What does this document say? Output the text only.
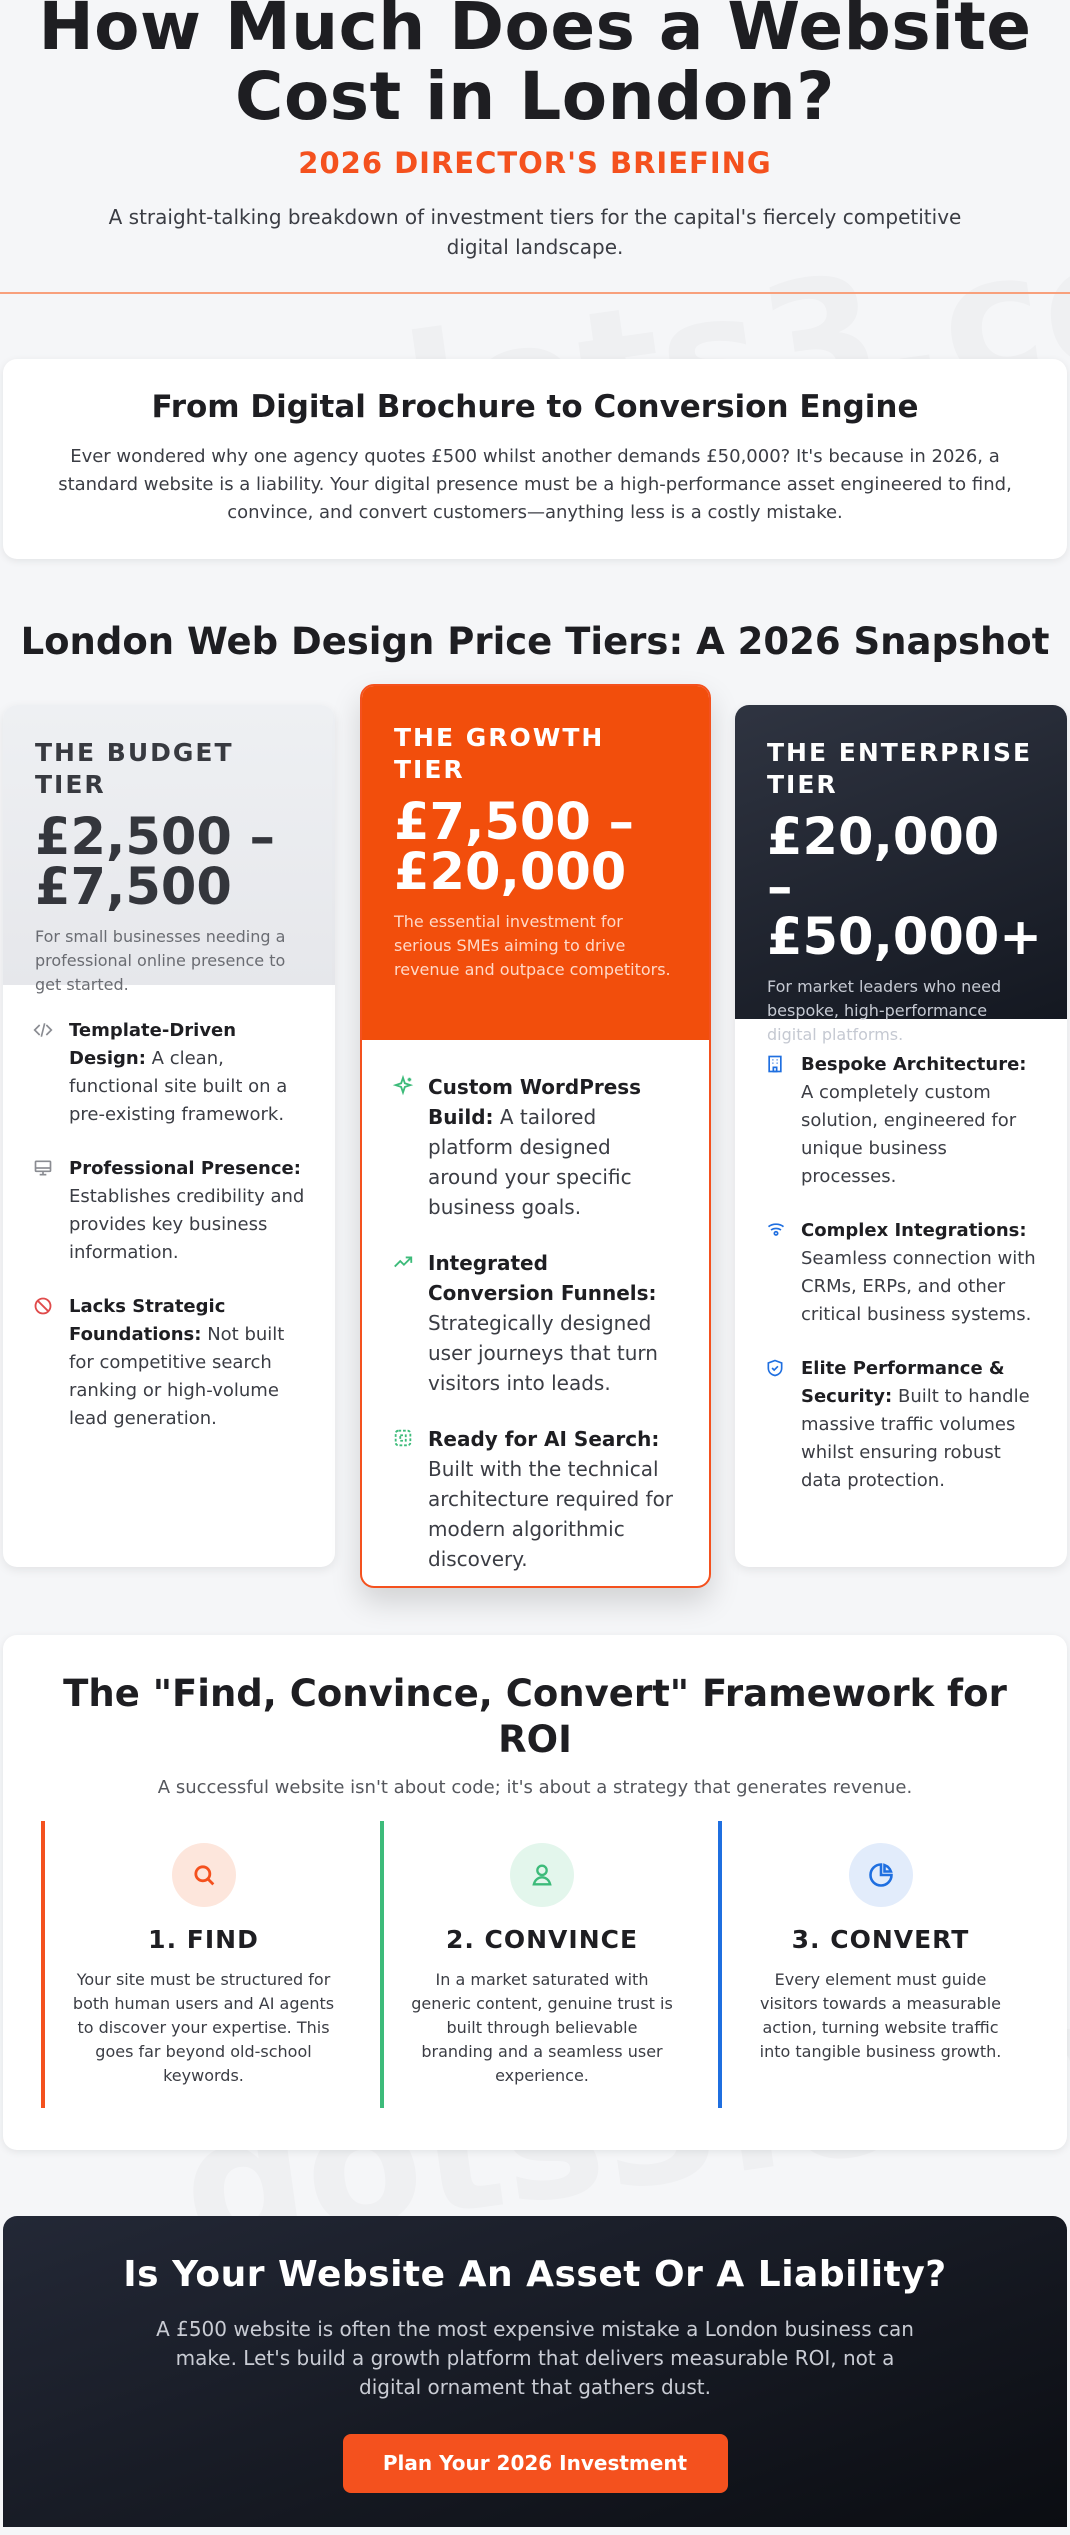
How Much Does a Website
Cost in London?
2026 DIRECTOR'S BRIEFING

A straight-talking breakdown of investment tiers for the capital's fiercely competitive digital landscape.

From Digital Brochure to Conversion Engine

Ever wondered why one agency quotes £500 whilst another demands £50,000? It's because in 2026, a standard website is a liability. Your digital presence must be a high-performance asset engineered to find, convince, and convert customers—anything less is a costly mistake.

London Web Design Price Tiers: A 2026 Snapshot
THE BUDGET TIER
£2,500 – £7,500
For small businesses needing a professional online presence to get started.
Template-Driven Design: A clean, functional site built on a pre-existing framework.
Professional Presence: Establishes credibility and provides key business information.
Lacks Strategic Foundations: Not built for competitive search ranking or high-volume lead generation.
THE GROWTH TIER
£7,500 – £20,000
The essential investment for serious SMEs aiming to drive revenue and outpace competitors.
Custom WordPress Build: A tailored platform designed around your specific business goals.
Integrated Conversion Funnels: Strategically designed user journeys that turn visitors into leads.
Ready for AI Search: Built with the technical architecture required for modern algorithmic discovery.
THE ENTERPRISE TIER
£20,000 – £50,000+
For market leaders who need bespoke, high-performance digital platforms.
Bespoke Architecture: A completely custom solution, engineered for unique business processes.
Complex Integrations: Seamless connection with CRMs, ERPs, and other critical business systems.
Elite Performance & Security: Built to handle massive traffic volumes whilst ensuring robust data protection.
The "Find, Convince, Convert" Framework for ROI

A successful website isn't about code; it's about a strategy that generates revenue.

1. FIND

Your site must be structured for both human users and AI agents to discover your expertise. This goes far beyond old-school keywords.

2. CONVINCE

In a market saturated with generic content, genuine trust is built through believable branding and a seamless user experience.

3. CONVERT

Every element must guide visitors towards a measurable action, turning website traffic into tangible business growth.

Is Your Website An Asset Or A Liability?

A £500 website is often the most expensive mistake a London business can make. Let's build a growth platform that delivers measurable ROI, not a digital ornament that gathers dust.

Plan Your 2026 Investment
